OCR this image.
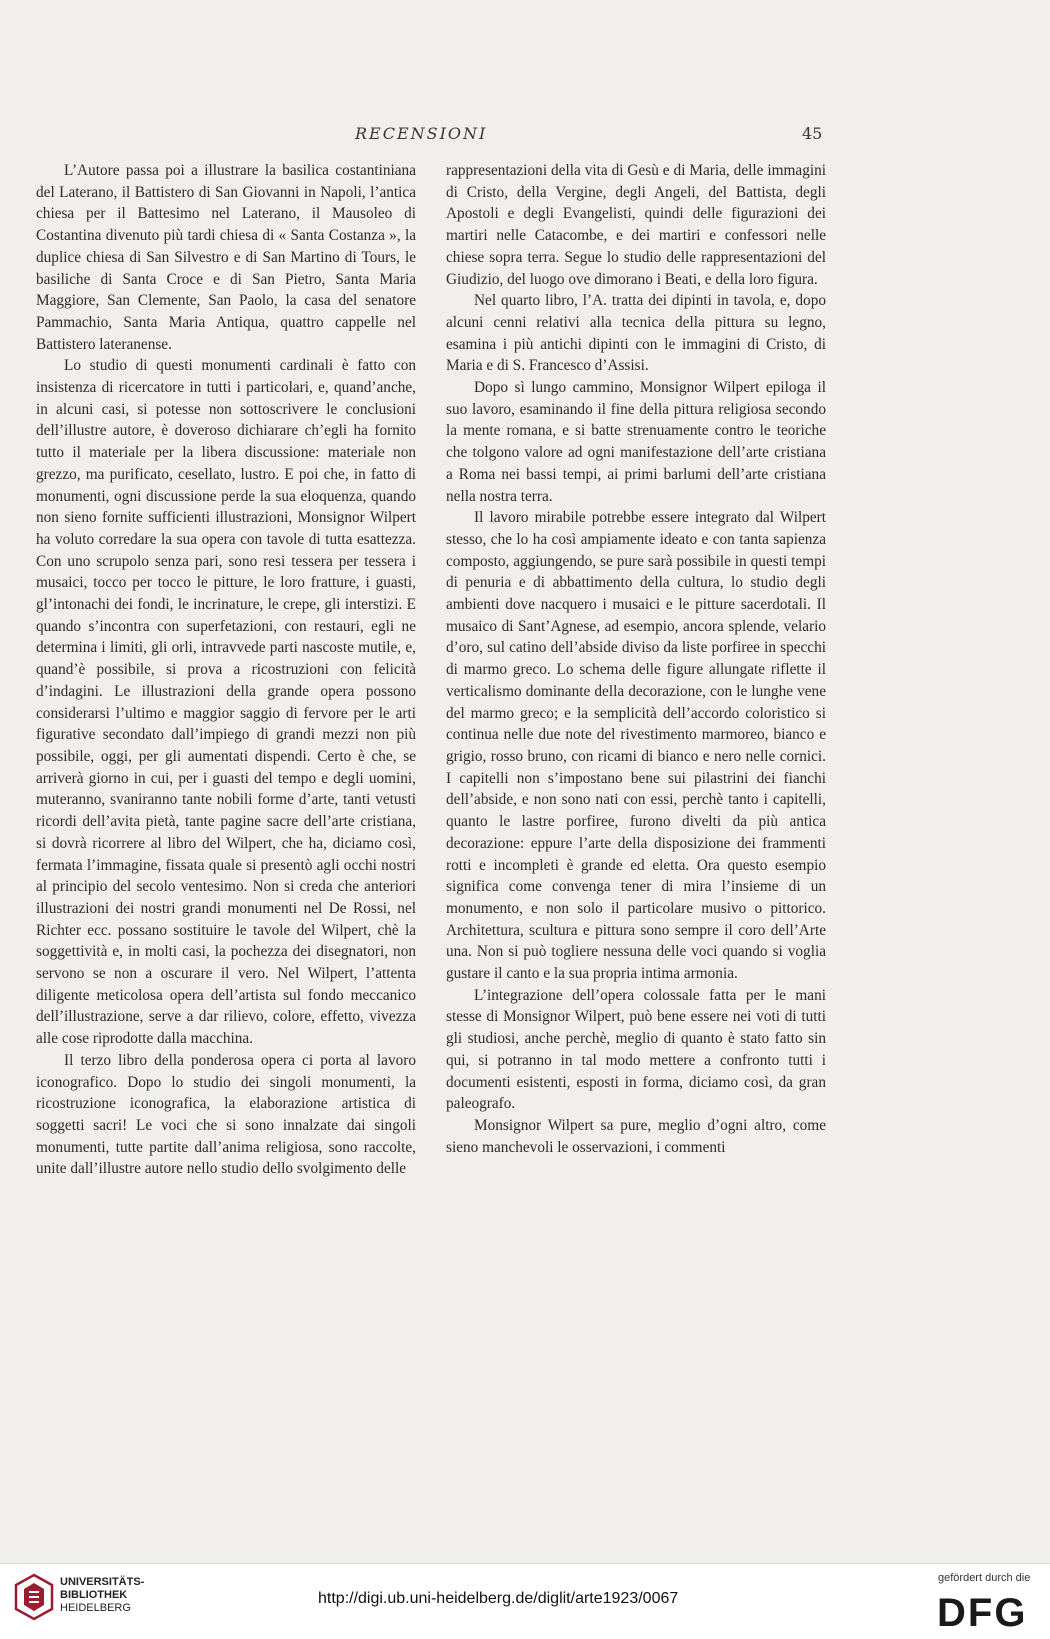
RECENSIONI	45

L’Autore passa poi a illustrare la basilica costantiniana del Laterano, il Battistero di San Giovanni in Napoli, l’antica chiesa per il Battesimo nel Laterano, il Mausoleo di Costantina divenuto più tardi chiesa di « Santa Costanza », la duplice chiesa di San Silvestro e di San Martino di Tours, le basiliche di Santa Croce e di San Pietro, Santa Maria Maggiore, San Clemente, San Paolo, la casa del senatore Pammachio, Santa Maria Antiqua, quattro cappelle nel Battistero lateranense.

Lo studio di questi monumenti cardinali è fatto con insistenza di ricercatore in tutti i particolari, e, quand’anche, in alcuni casi, si potesse non sottoscrivere le conclusioni dell’illustre autore, è doveroso dichiarare ch’egli ha fornito tutto il materiale per la libera discussione: materiale non grezzo, ma purificato, cesellato, lustro. E poi che, in fatto di monumenti, ogni discussione perde la sua eloquenza, quando non sieno fornite sufficienti illustrazioni, Monsignor Wilpert ha voluto corredare la sua opera con tavole di tutta esattezza. Con uno scrupolo senza pari, sono resi tessera per tessera i musaici, tocco per tocco le pitture, le loro fratture, i guasti, gl’intonachi dei fondi, le incrinature, le crepe, gli interstizi. E quando s’incontra con superfetazioni, con restauri, egli ne determina i limiti, gli orli, intravvede parti nascoste mutile, e, quand’è possibile, si prova a ricostruzioni con felicità d’indagini. Le illustrazioni della grande opera possono considerarsi l’ultimo e maggior saggio di fervore per le arti figurative secondato dall’impiego di grandi mezzi non più possibile, oggi, per gli aumentati dispendi. Certo è che, se arriverà giorno in cui, per i guasti del tempo e degli uomini, muteranno, svaniranno tante nobili forme d’arte, tanti vetusti ricordi dell’avita pietà, tante pagine sacre dell’arte cristiana, si dovrà ricorrere al libro del Wilpert, che ha, diciamo così, fermata l’immagine, fissata quale si presentò agli occhi nostri al principio del secolo ventesimo. Non si creda che anteriori illustrazioni dei nostri grandi monumenti nel De Rossi, nel Richter ecc. possano sostituire le tavole del Wilpert, chè la soggettività e, in molti casi, la pochezza dei disegnatori, non servono se non a oscurare il vero. Nel Wilpert, l’attenta diligente meticolosa opera dell’artista sul fondo meccanico dell’illustrazione, serve a dar rilievo, colore, effetto, vivezza alle cose riprodotte dalla macchina.

Il terzo libro della ponderosa opera ci porta al lavoro iconografico. Dopo lo studio dei singoli monumenti, la ricostruzione iconografica, la elaborazione artistica di soggetti sacri! Le voci che si sono innalzate dai singoli monumenti, tutte partite dall’anima religiosa, sono raccolte, unite dall’illustre autore nello studio dello svolgimento delle

rappresentazioni della vita di Gesù e di Maria, delle immagini di Cristo, della Vergine, degli Angeli, del Battista, degli Apostoli e degli Evangelisti, quindi delle figurazioni dei martiri nelle Catacombe, e dei martiri e confessori nelle chiese sopra terra. Segue lo studio delle rappresentazioni del Giudizio, del luogo ove dimorano i Beati, e della loro figura.

Nel quarto libro, l’A. tratta dei dipinti in tavola, e, dopo alcuni cenni relativi alla tecnica della pittura su legno, esamina i più antichi dipinti con le immagini di Cristo, di Maria e di S. Francesco d’Assisi.

Dopo sì lungo cammino, Monsignor Wilpert epiloga il suo lavoro, esaminando il fine della pittura religiosa secondo la mente romana, e si batte strenuamente contro le teoriche che tolgono valore ad ogni manifestazione dell’arte cristiana a Roma nei bassi tempi, ai primi barlumi dell’arte cristiana nella nostra terra.

Il lavoro mirabile potrebbe essere integrato dal Wilpert stesso, che lo ha così ampiamente ideato e con tanta sapienza composto, aggiungendo, se pure sarà possibile in questi tempi di penuria e di abbattimento della cultura, lo studio degli ambienti dove nacquero i musaici e le pitture sacerdotali. Il musaico di Sant’Agnese, ad esempio, ancora splende, velario d’oro, sul catino dell’abside diviso da liste porfiree in specchi di marmo greco. Lo schema delle figure allungate riflette il verticalismo dominante della decorazione, con le lunghe vene del marmo greco; e la semplicità dell’accordo coloristico si continua nelle due note del rivestimento marmoreo, bianco e grigio, rosso bruno, con ricami di bianco e nero nelle cornici. I capitelli non s’impostano bene sui pilastrini dei fianchi dell’abside, e non sono nati con essi, perchè tanto i capitelli, quanto le lastre porfiree, furono divelti da più antica decorazione: eppure l’arte della disposizione dei frammenti rotti e incompleti è grande ed eletta. Ora questo esempio significa come convenga tener di mira l’insieme di un monumento, e non solo il particolare musivo o pittorico. Architettura, scultura e pittura sono sempre il coro dell’Arte una. Non si può togliere nessuna delle voci quando si voglia gustare il canto e la sua propria intima armonia.

L’integrazione dell’opera colossale fatta per le mani stesse di Monsignor Wilpert, può bene essere nei voti di tutti gli studiosi, anche perchè, meglio di quanto è stato fatto sin qui, si potranno in tal modo mettere a confronto tutti i documenti esistenti, esposti in forma, diciamo così, da gran paleografo.

Monsignor Wilpert sa pure, meglio d’ogni altro, come sieno manchevoli le osservazioni, i commenti

UNIVERSITÄTS-
BIBLIOTHEK
HEIDELBERG
http://digi.ub.uni-heidelberg.de/diglit/arte1923/0067
gefördert durch die
DFG
